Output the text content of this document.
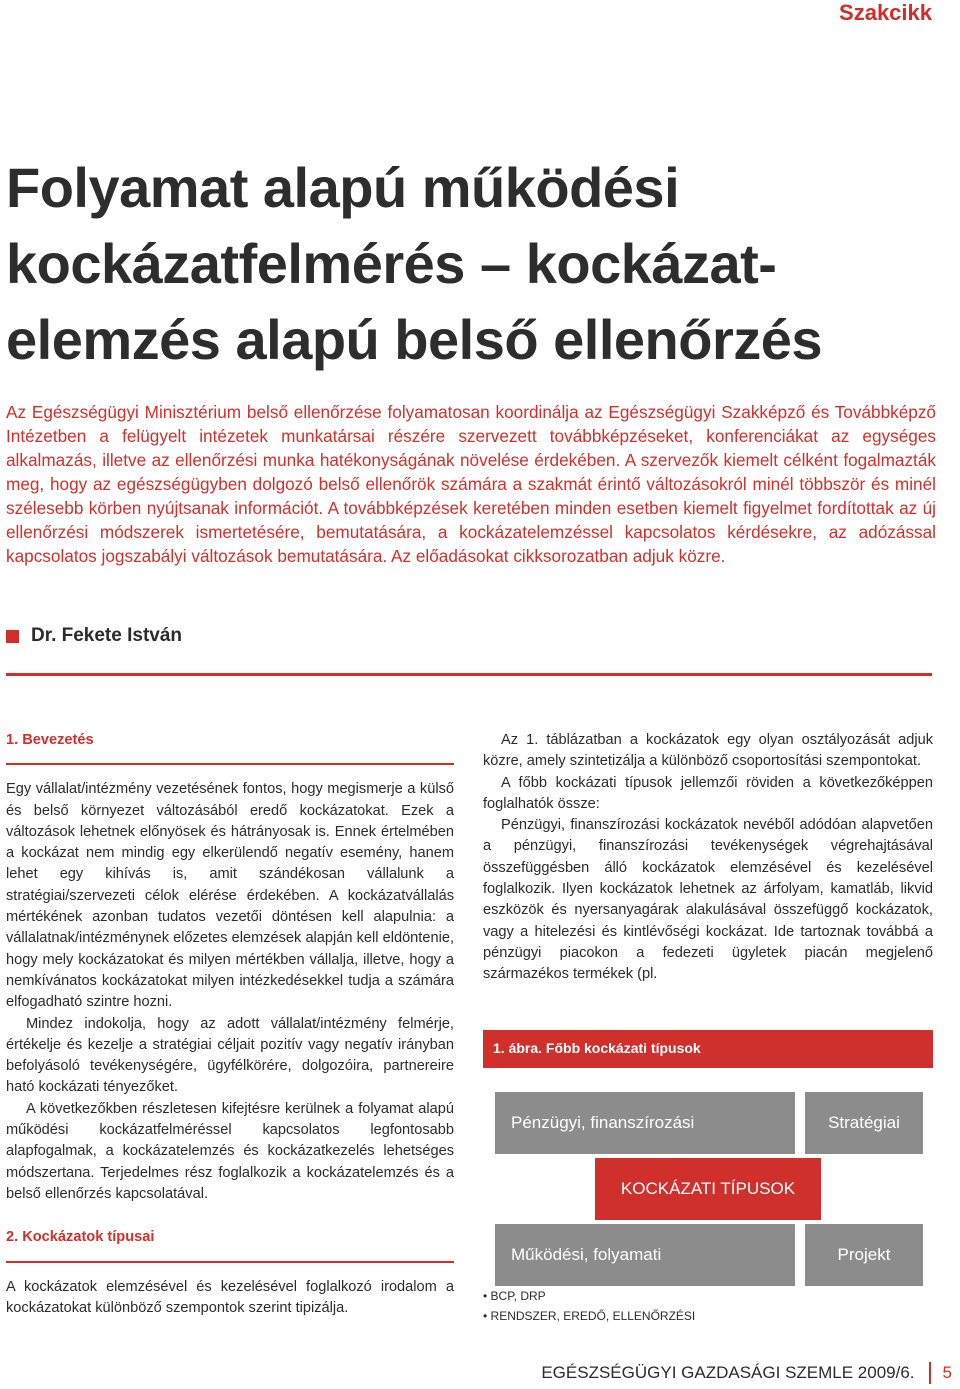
Szakcikk
Folyamat alapú működési
kockázatfelmérés – kockázat-
elemzés alapú belső ellenőrzés

Az Egészségügyi Minisztérium belső ellenőrzése folyamatosan koordinálja az Egészségügyi Szakképző és Továbbképző Intézetben a felügyelt intézetek munkatársai részére szervezett továbbképzéseket, konferenciákat az egységes alkalmazás, illetve az ellenőrzési munka hatékonyságának növelése érdekében. A szervezők kiemelt célként fogalmazták meg, hogy az egészségügyben dolgozó belső ellenőrök számára a szakmát érintő változásokról minél többször és minél szélesebb körben nyújtsanak információt. A továbbképzések keretében minden esetben kiemelt figyelmet fordítottak az új ellenőrzési módszerek ismertetésére, bemutatására, a kockázatelemzéssel kapcsolatos kérdésekre, az adózással kapcsolatos jogszabályi változások bemutatására. Az előadásokat cikksorozatban adjuk közre.

Dr. Fekete István
1. Bevezetés

Egy vállalat/intézmény vezetésének fontos, hogy megismerje a külső és belső környezet változásából eredő kockázatokat. Ezek a változások lehetnek előnyösek és hátrányosak is. Ennek értelmében a kockázat nem mindig egy elkerülendő negatív esemény, hanem lehet egy kihívás is, amit szándékosan vállalunk a stratégiai/szervezeti célok elérése érdekében. A kockázatvállalás mértékének azonban tudatos vezetői döntésen kell alapulnia: a vállalatnak/intézménynek előzetes elemzések alapján kell eldöntenie, hogy mely kockázatokat és milyen mértékben vállalja, illetve, hogy a nemkívánatos kockázatokat milyen intézkedésekkel tudja a számára elfogadható szintre hozni.

Mindez indokolja, hogy az adott vállalat/intézmény felmérje, értékelje és kezelje a stratégiai céljait pozitív vagy negatív irányban befolyásoló tevékenységére, ügyfélkörére, dolgozóira, partnereire ható kockázati tényezőket.

A következőkben részletesen kifejtésre kerülnek a folyamat alapú működési kockázatfelméréssel kapcsolatos legfontosabb alapfogalmak, a kockázatelemzés és kockázatkezelés lehetséges módszertana. Terjedelmes rész foglalkozik a kockázatelemzés és a belső ellenőrzés kapcsolatával.

2. Kockázatok típusai

A kockázatok elemzésével és kezelésével foglalkozó irodalom a kockázatokat különböző szempontok szerint tipizálja.

Az 1. táblázatban a kockázatok egy olyan osztályozását adjuk közre, amely szintetizálja a különböző csoportosítási szempontokat.

A főbb kockázati típusok jellemzői röviden a következőképpen foglalhatók össze:

Pénzügyi, finanszírozási kockázatok nevéből adódóan alapvetően a pénzügyi, finanszírozási tevékenységek végrehajtásával összefüggésben álló kockázatok elemzésével és kezelésével foglalkozik. Ilyen kockázatok lehetnek az árfolyam, kamatláb, likvid eszközök és nyersanyagárak alakulásával összefüggő kockázatok, vagy a hitelezési és kintlévőségi kockázat. Ide tartoznak továbbá a pénzügyi piacokon a fedezeti ügyletek piacán megjelenő származékos termékek (pl.

1. ábra. Főbb kockázati típusok
Pénzügyi, finanszírozási	Stratégiai
Működési, folyamati	Projekt
KOCKÁZATI TÍPUSOK
• BCP, DRP
• RENDSZER, EREDŐ, ELLENŐRZÉSI
EGÉSZSÉGÜGYI GAZDASÁGI SZEMLE 2009/6. 5
